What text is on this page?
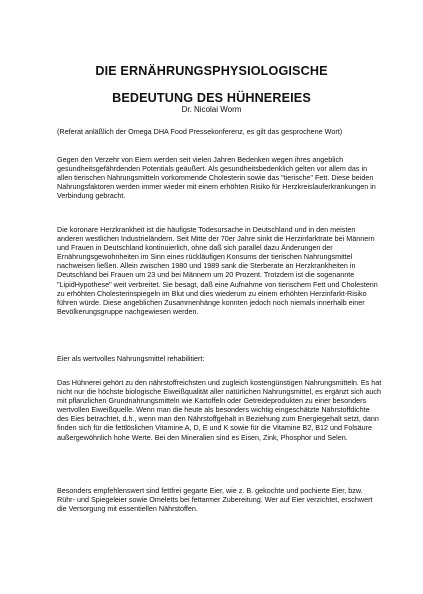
DIE ERNÄHRUNGSPHYSIOLOGISCHE
BEDEUTUNG DES HÜHNEREIES
Dr. Nicolai Worm

(Referat anläßlich der Omega DHA Food Pressekonferenz, es gilt das gesprochene Wort)

Gegen den Verzehr von Eiern werden seit vielen Jahren Bedenken wegen ihres angeblich gesundheitsgefährdenden Potentials geäußert. Als gesundheitsbedenklich gelten vor allem das in allen tierischen Nahrungsmitteln vorkommende Cholesterin sowie das "tierische" Fett. Diese beiden Nahrungsfaktoren werden immer wieder mit einem erhöhten Risiko für Herzkreislauferkrankungen in Verbindung gebracht.

Die koronare Herzkrankheit ist die häufigste Todesursache in Deutschland und in den meisten anderen westlichen Industrieländern. Seit Mitte der 70er Jahre sinkt die Herzinfarktrate bei Männern und Frauen in Deutschland kontinuierlich, ohne daß sich parallel dazu Änderungen der Ernährungsgewohnheiten im Sinn eines rückläufigen Konsums der tierischen Nahrungsmittel nachweisen ließen. Allein zwischen 1980 und 1989 sank die Sterberate an Herzkrankheiten in Deutschland bei Frauen um 23 und bei Männern um 20 Prozent. Trotzdem ist die sogenannte "LipidHypothese" weit verbreitet. Sie besagt, daß eine Aufnahme von tierischem Fett und Cholesterin zu erhöhten Cholesterinspiegeln im Blut und dies wiederum zu einem erhöhten Herzinfarkt-Risiko führen würde. Diese angeblichen Zusammenhänge konnten jedoch noch niemals innerhalb einer Bevölkerungsgruppe nachgewiesen werden.

Eier als wertvolles Nahrungsmittel rehabilitiert:

Das Hühnerei gehört zu den nährstoffreichsten und zugleich kostengünstigen Nahrungsmitteln. Es hat nicht nur die höchste biologische Eiweißqualität aller natürlichen Nahrungsmittel, es ergänzt sich auch mit pflanzlichen Grundnahrungsmitteln wie Kartoffeln oder Getreideprodukten zu einer besonders wertvollen Eiweißquelle. Wenn man die heute als besonders wichtig eingeschätzte Nährstoffdichte des Eies betrachtet, d.h., wenn man den Nährstoffgehalt in Beziehung zum Energiegehalt setzt, dann finden sich für die fettlöslichen Vitamine A, D, E und K sowie für die Vitamine B2, B12 und Folsäure außergewöhnlich hohe Werte. Bei den Mineralien sind es Eisen, Zink, Phosphor und Selen.

Besonders empfehlenswert sind fettfrei gegarte Eier, wie z. B. gekochte und pochierte Eier, bzw. Rühr- und Spiegeleier sowie Omeletts bei fettarmer Zubereitung. Wer auf Eier verzichtet, erschwert die Versorgung mit essentiellen Nährstoffen.
